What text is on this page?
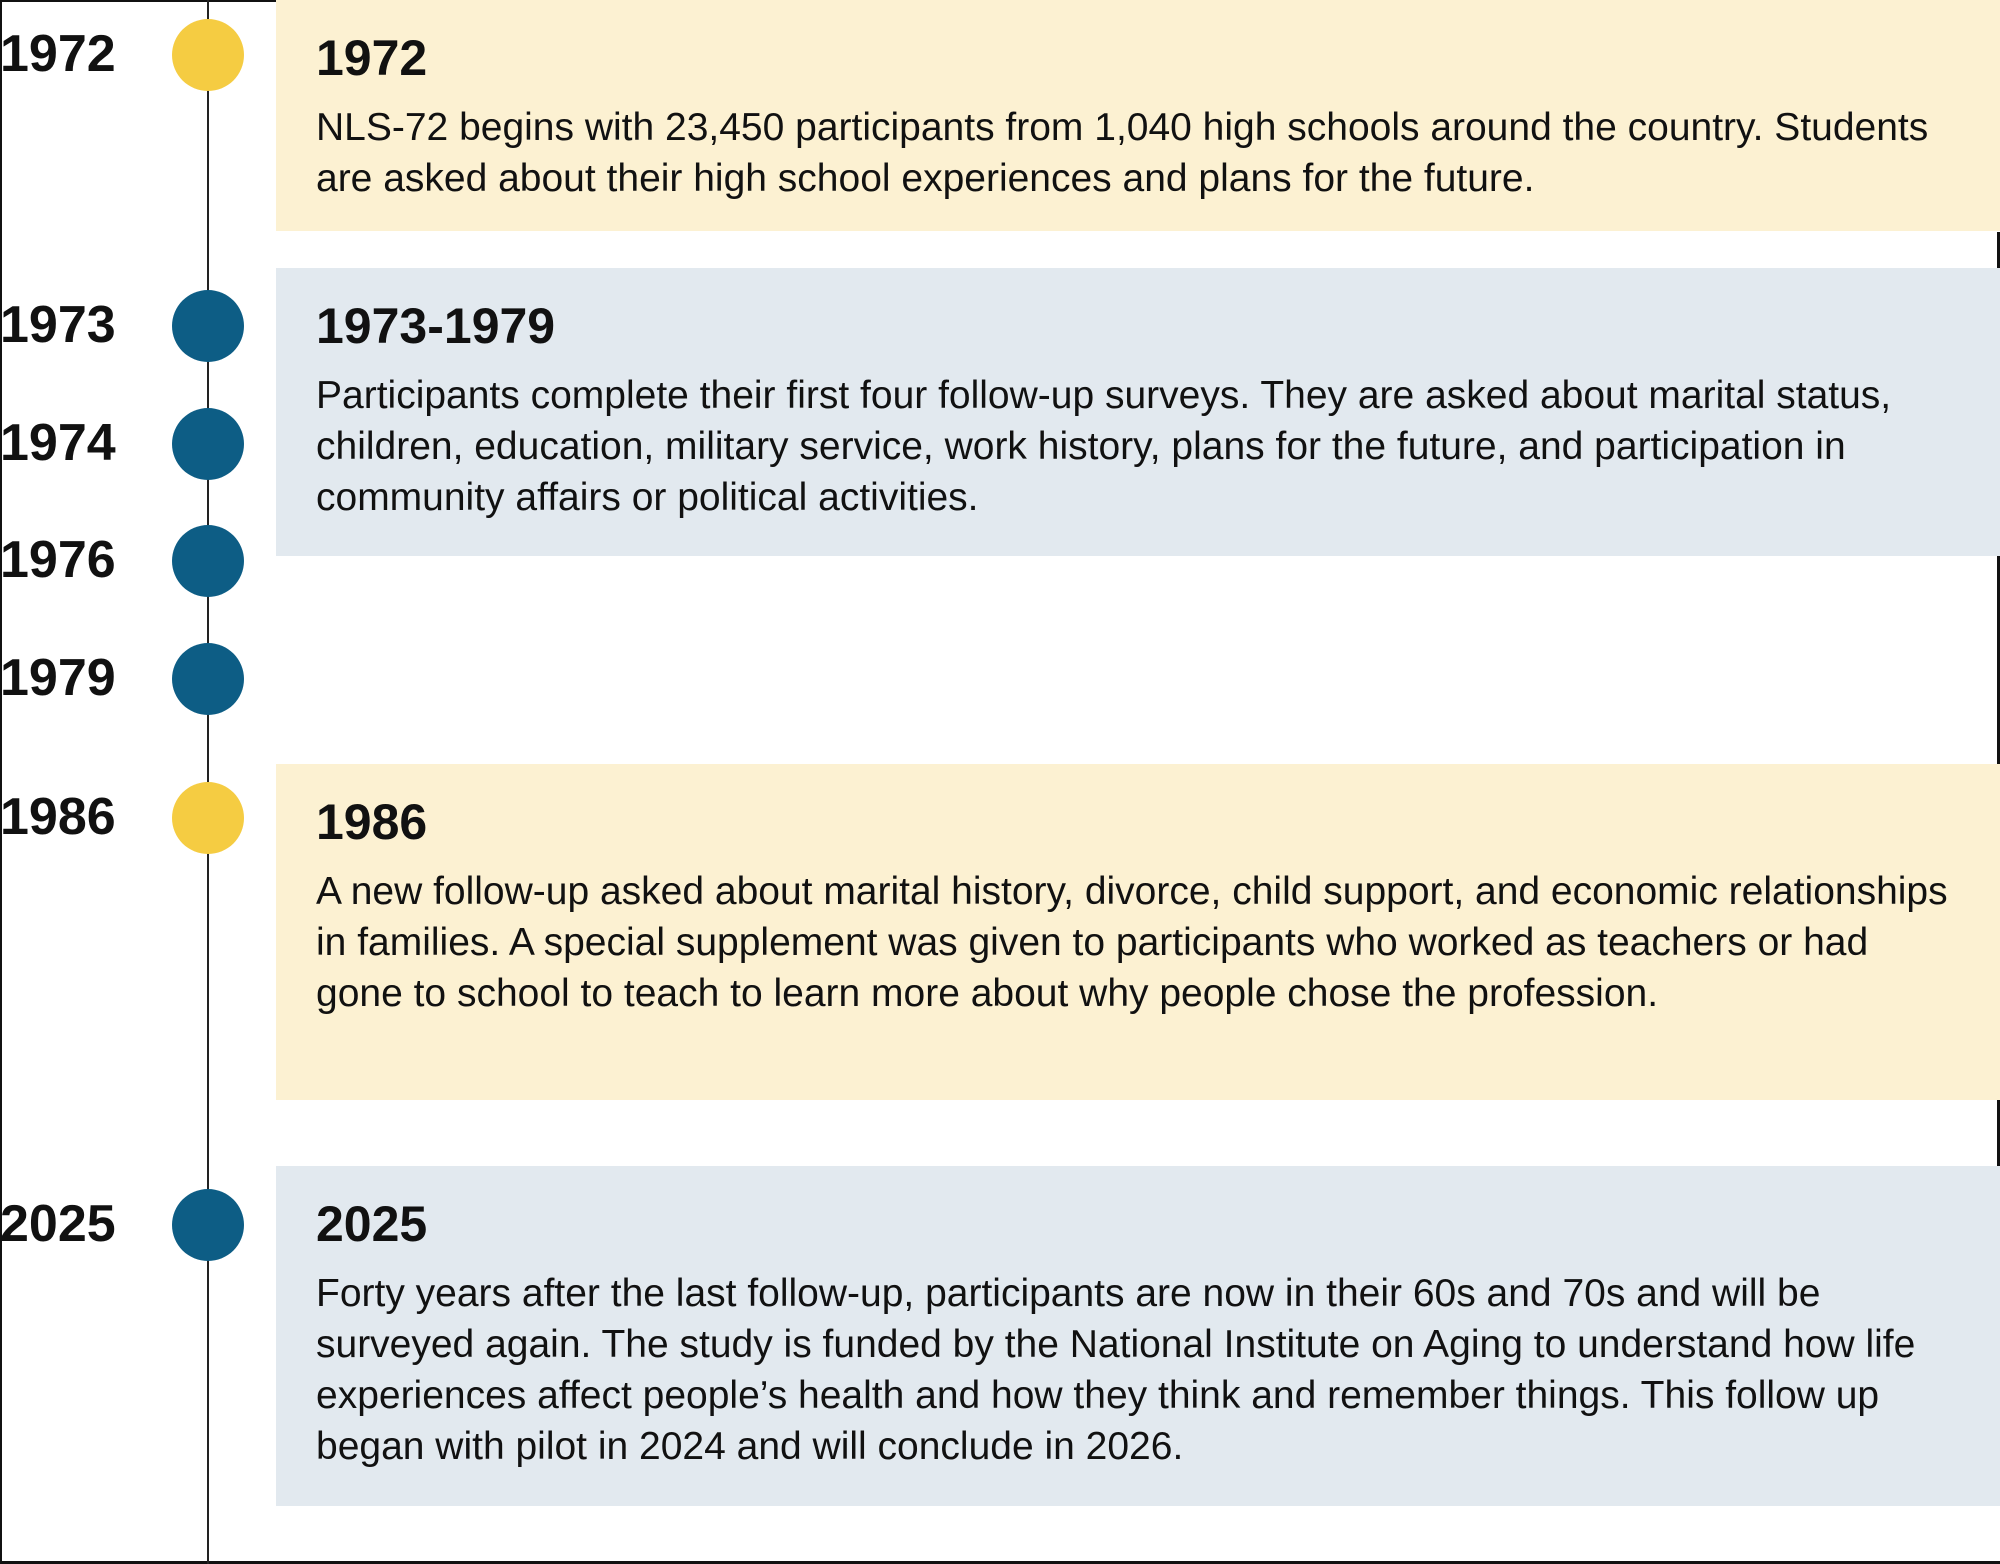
1972
1973
1974
1976
1979
1986
2025
1972

NLS-72 begins with 23,450 participants from 1,040 high schools around the country. Students are asked about their high school experiences and plans for the future.

1973-1979

Participants complete their first four follow-up surveys. They are asked about marital status, children, education, military service, work history, plans for the future, and participation in community affairs or political activities.

1986

A new follow-up asked about marital history, divorce, child support, and economic relationships in families. A special supplement was given to participants who worked as teachers or had gone to school to teach to learn more about why people chose the profession.

2025

Forty years after the last follow-up, participants are now in their 60s and 70s and will be surveyed again. The study is funded by the National Institute on Aging to understand how life experiences affect people’s health and how they think and remember things. This follow up began with pilot in 2024 and will conclude in 2026.
